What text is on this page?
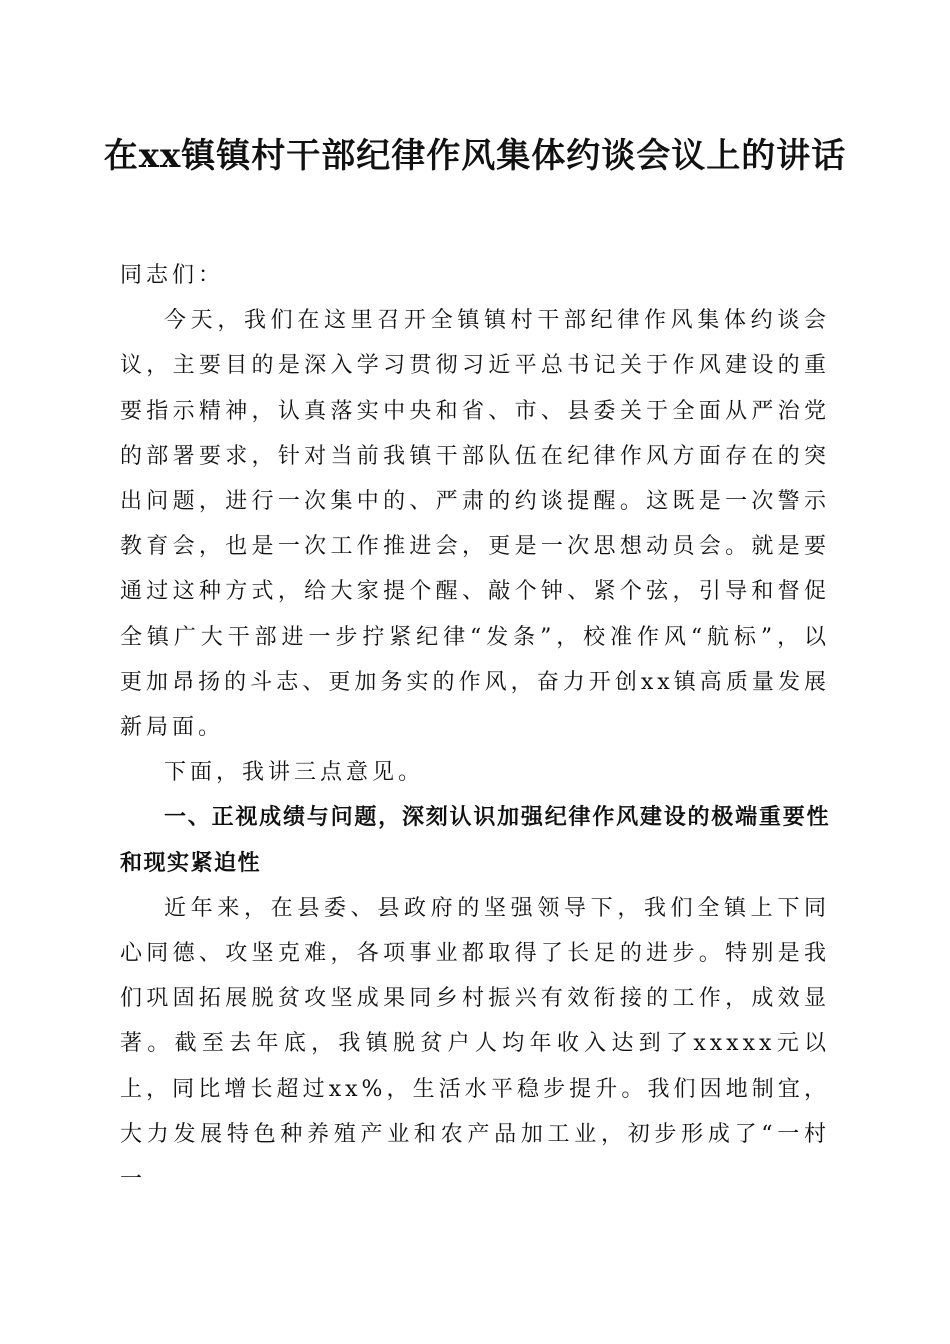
在xx镇镇村干部纪律作风集体约谈会议上的讲话

同志们：

今天，我们在这里召开全镇镇村干部纪律作风集体约谈会议，主要目的是深入学习贯彻习近平总书记关于作风建设的重要指示精神，认真落实中央和省、市、县委关于全面从严治党的部署要求，针对当前我镇干部队伍在纪律作风方面存在的突出问题，进行一次集中的、严肃的约谈提醒。这既是一次警示教育会，也是一次工作推进会，更是一次思想动员会。就是要通过这种方式，给大家提个醒、敲个钟、紧个弦，引导和督促全镇广大干部进一步拧紧纪律“发条”，校准作风“航标”，以更加昂扬的斗志、更加务实的作风，奋力开创xx镇高质量发展新局面。

下面，我讲三点意见。

一、正视成绩与问题，深刻认识加强纪律作风建设的极端重要性和现实紧迫性

近年来，在县委、县政府的坚强领导下，我们全镇上下同心同德、攻坚克难，各项事业都取得了长足的进步。特别是我们巩固拓展脱贫攻坚成果同乡村振兴有效衔接的工作，成效显著。截至去年底，我镇脱贫户人均年收入达到了xxxxx元以上，同比增长超过xx%，生活水平稳步提升。我们因地制宜，大力发展特色种养殖产业和农产品加工业，初步形成了“一村一
